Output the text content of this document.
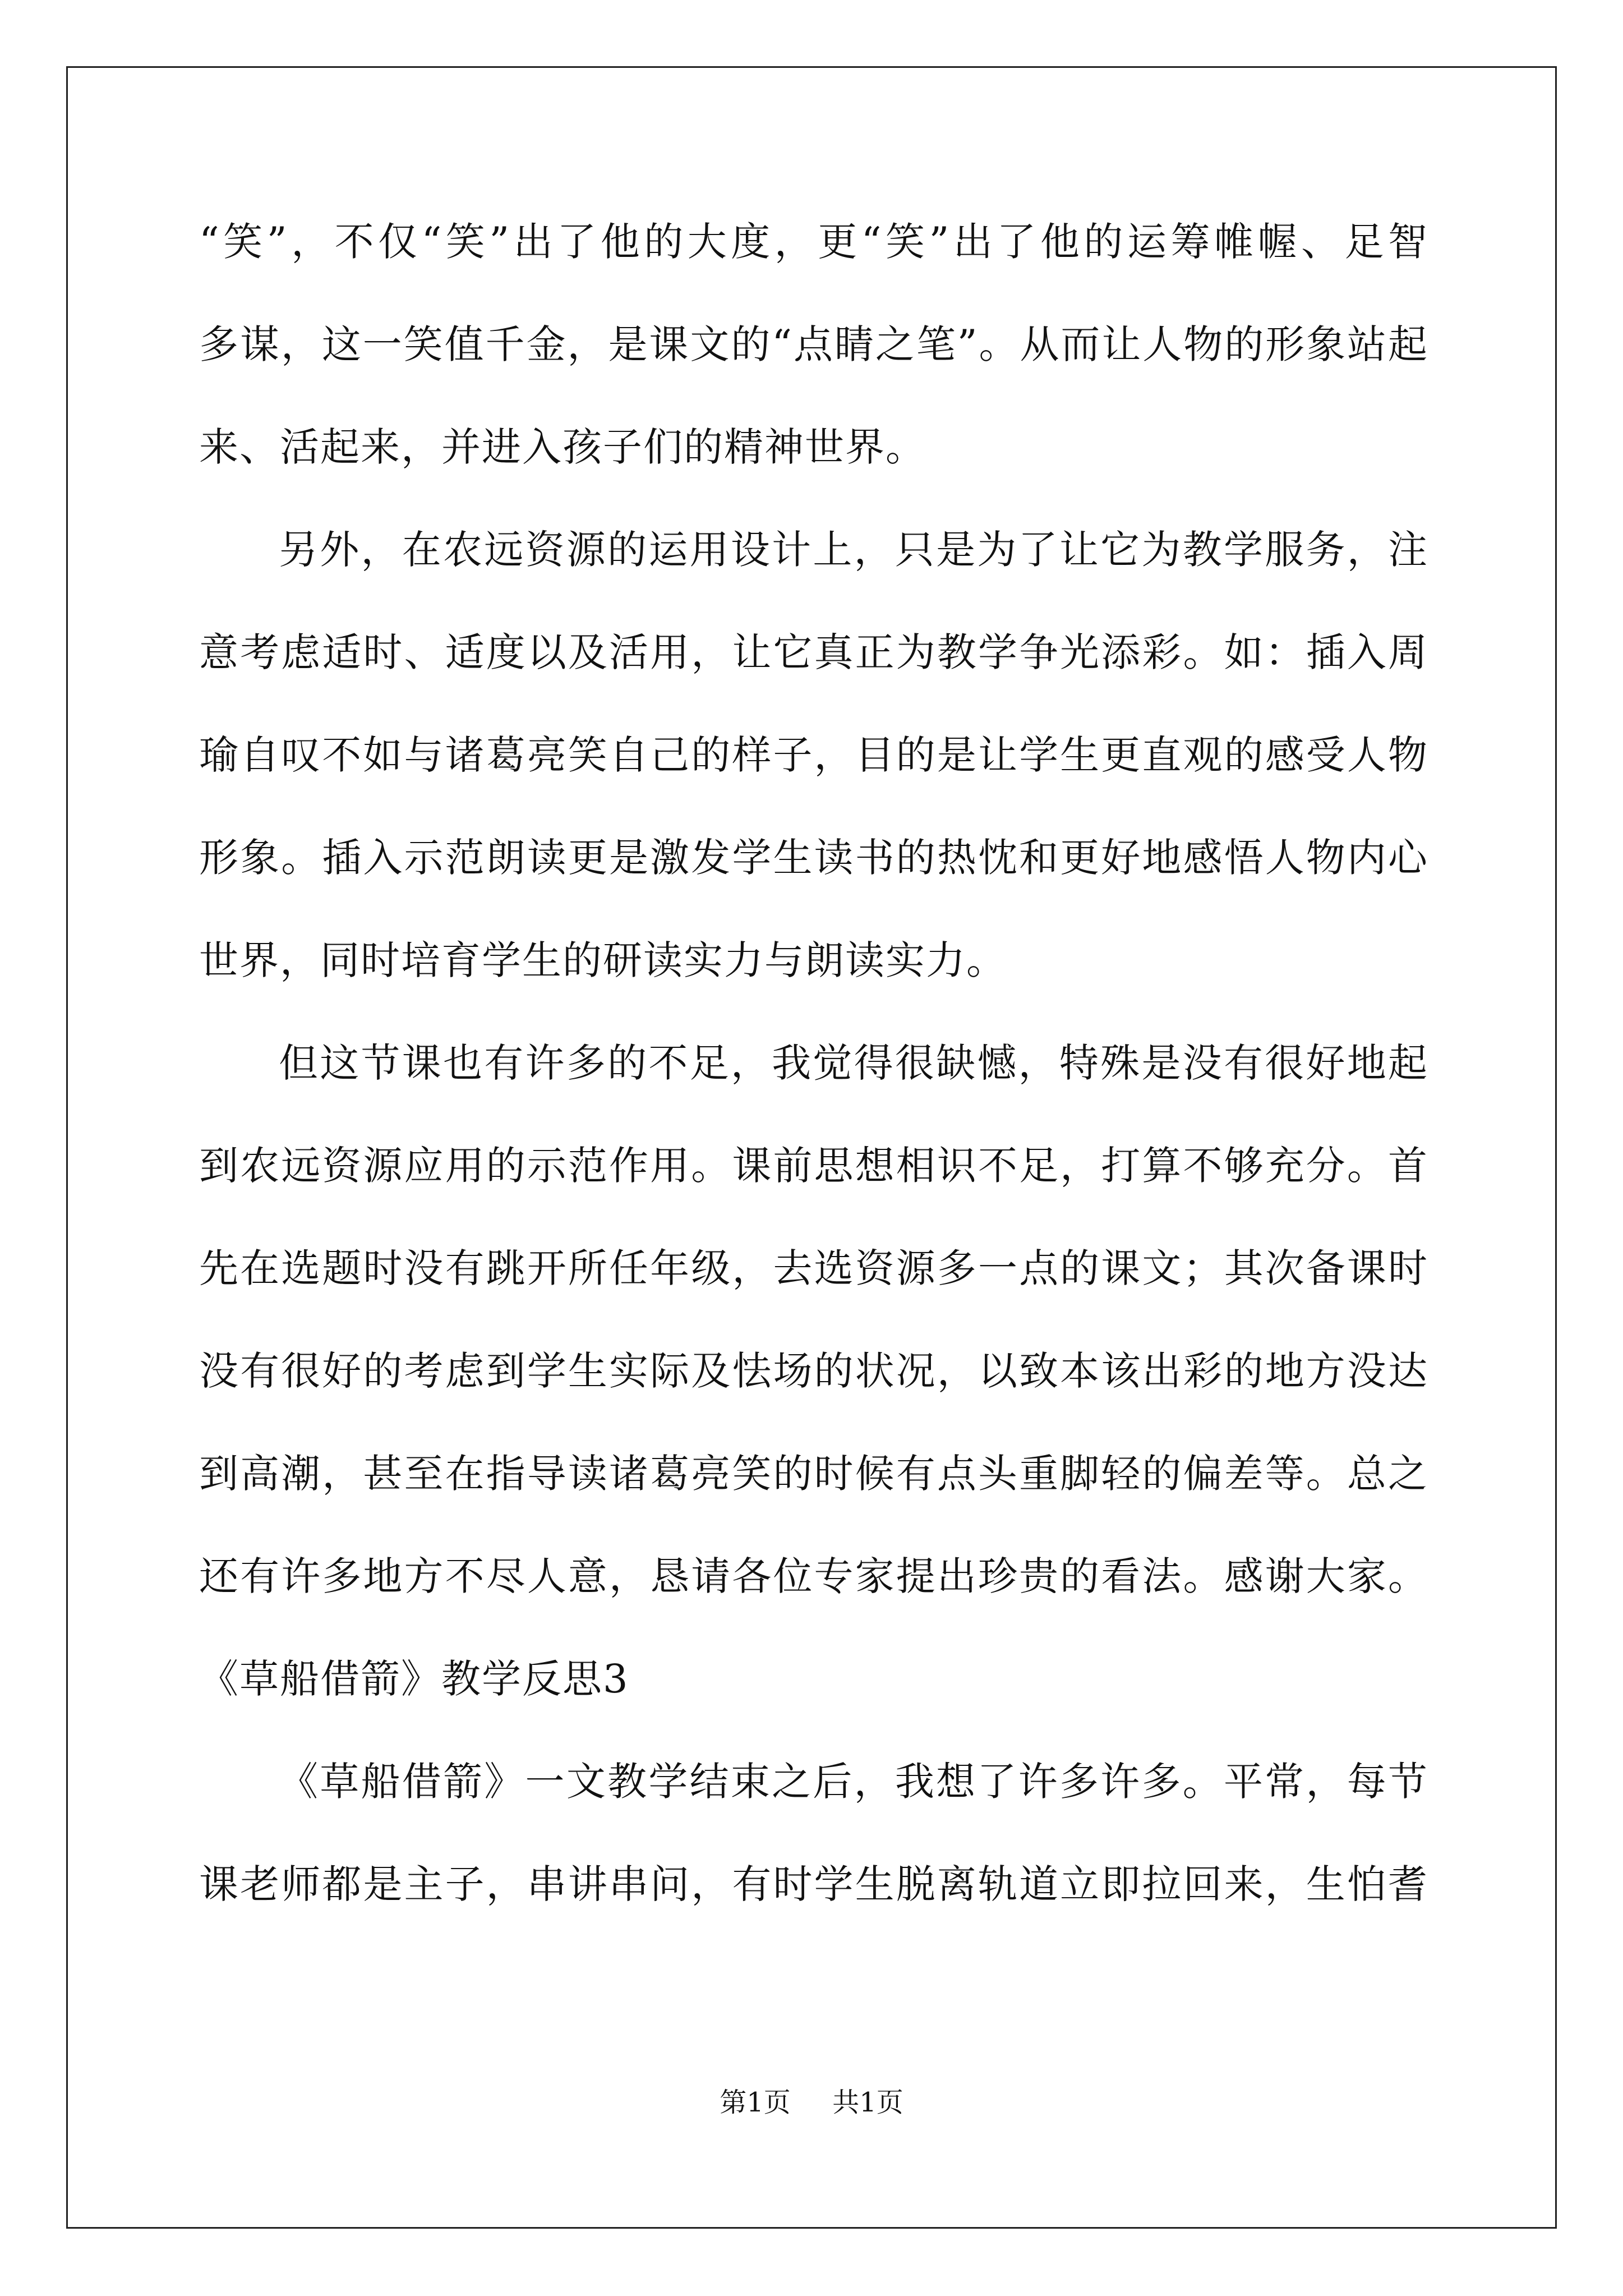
“笑”，不仅“笑”出了他的大度，更“笑”出了他的运筹帷幄、足智
多谋，这一笑值千金，是课文的“点睛之笔”。从而让人物的形象站起
来、活起来，并进入孩子们的精神世界。
另外，在农远资源的运用设计上，只是为了让它为教学服务，注
意考虑适时、适度以及活用，让它真正为教学争光添彩。如：插入周
瑜自叹不如与诸葛亮笑自己的样子，目的是让学生更直观的感受人物
形象。插入示范朗读更是激发学生读书的热忱和更好地感悟人物内心
世界，同时培育学生的研读实力与朗读实力。
但这节课也有许多的不足，我觉得很缺憾，特殊是没有很好地起
到农远资源应用的示范作用。课前思想相识不足，打算不够充分。首
先在选题时没有跳开所任年级，去选资源多一点的课文；其次备课时
没有很好的考虑到学生实际及怯场的状况，以致本该出彩的地方没达
到高潮，甚至在指导读诸葛亮笑的时候有点头重脚轻的偏差等。总之
还有许多地方不尽人意，恳请各位专家提出珍贵的看法。感谢大家。
《草船借箭》教学反思3
《草船借箭》一文教学结束之后，我想了许多许多。平常，每节
课老师都是主子，串讲串问，有时学生脱离轨道立即拉回来，生怕耆
第1页 共1页
